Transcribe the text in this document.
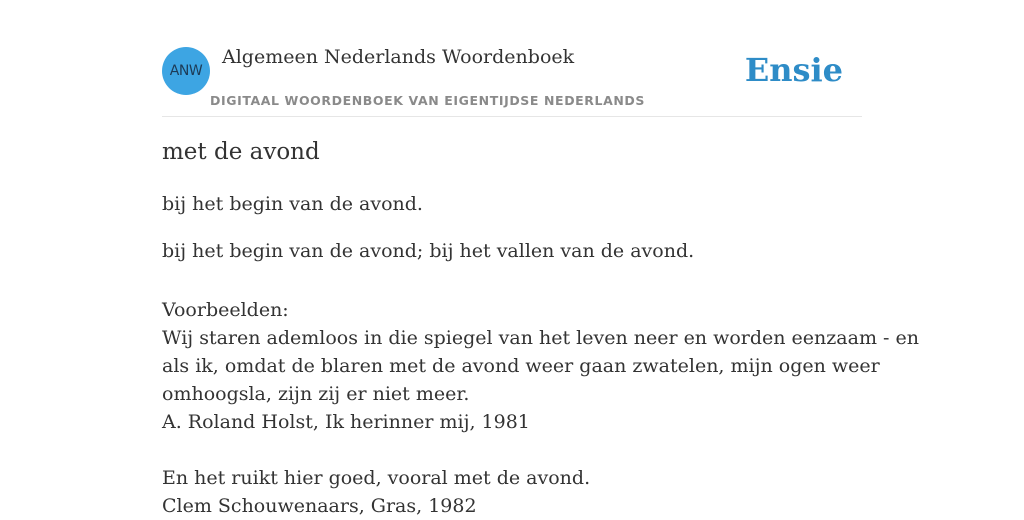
ANW
Algemeen Nederlands Woordenboek
DIGITAAL WOORDENBOEK VAN EIGENTIJDSE NEDERLANDS
Ensie
met de avond
bij het begin van de avond.
bij het begin van de avond; bij het vallen van de avond.
Voorbeelden:
Wij staren ademloos in die spiegel van het leven neer en worden eenzaam - en
als ik, omdat de blaren met de avond weer gaan zwatelen, mijn ogen weer
omhoogsla, zijn zij er niet meer.
A. Roland Holst, Ik herinner mij, 1981
En het ruikt hier goed, vooral met de avond.
Clem Schouwenaars, Gras, 1982
